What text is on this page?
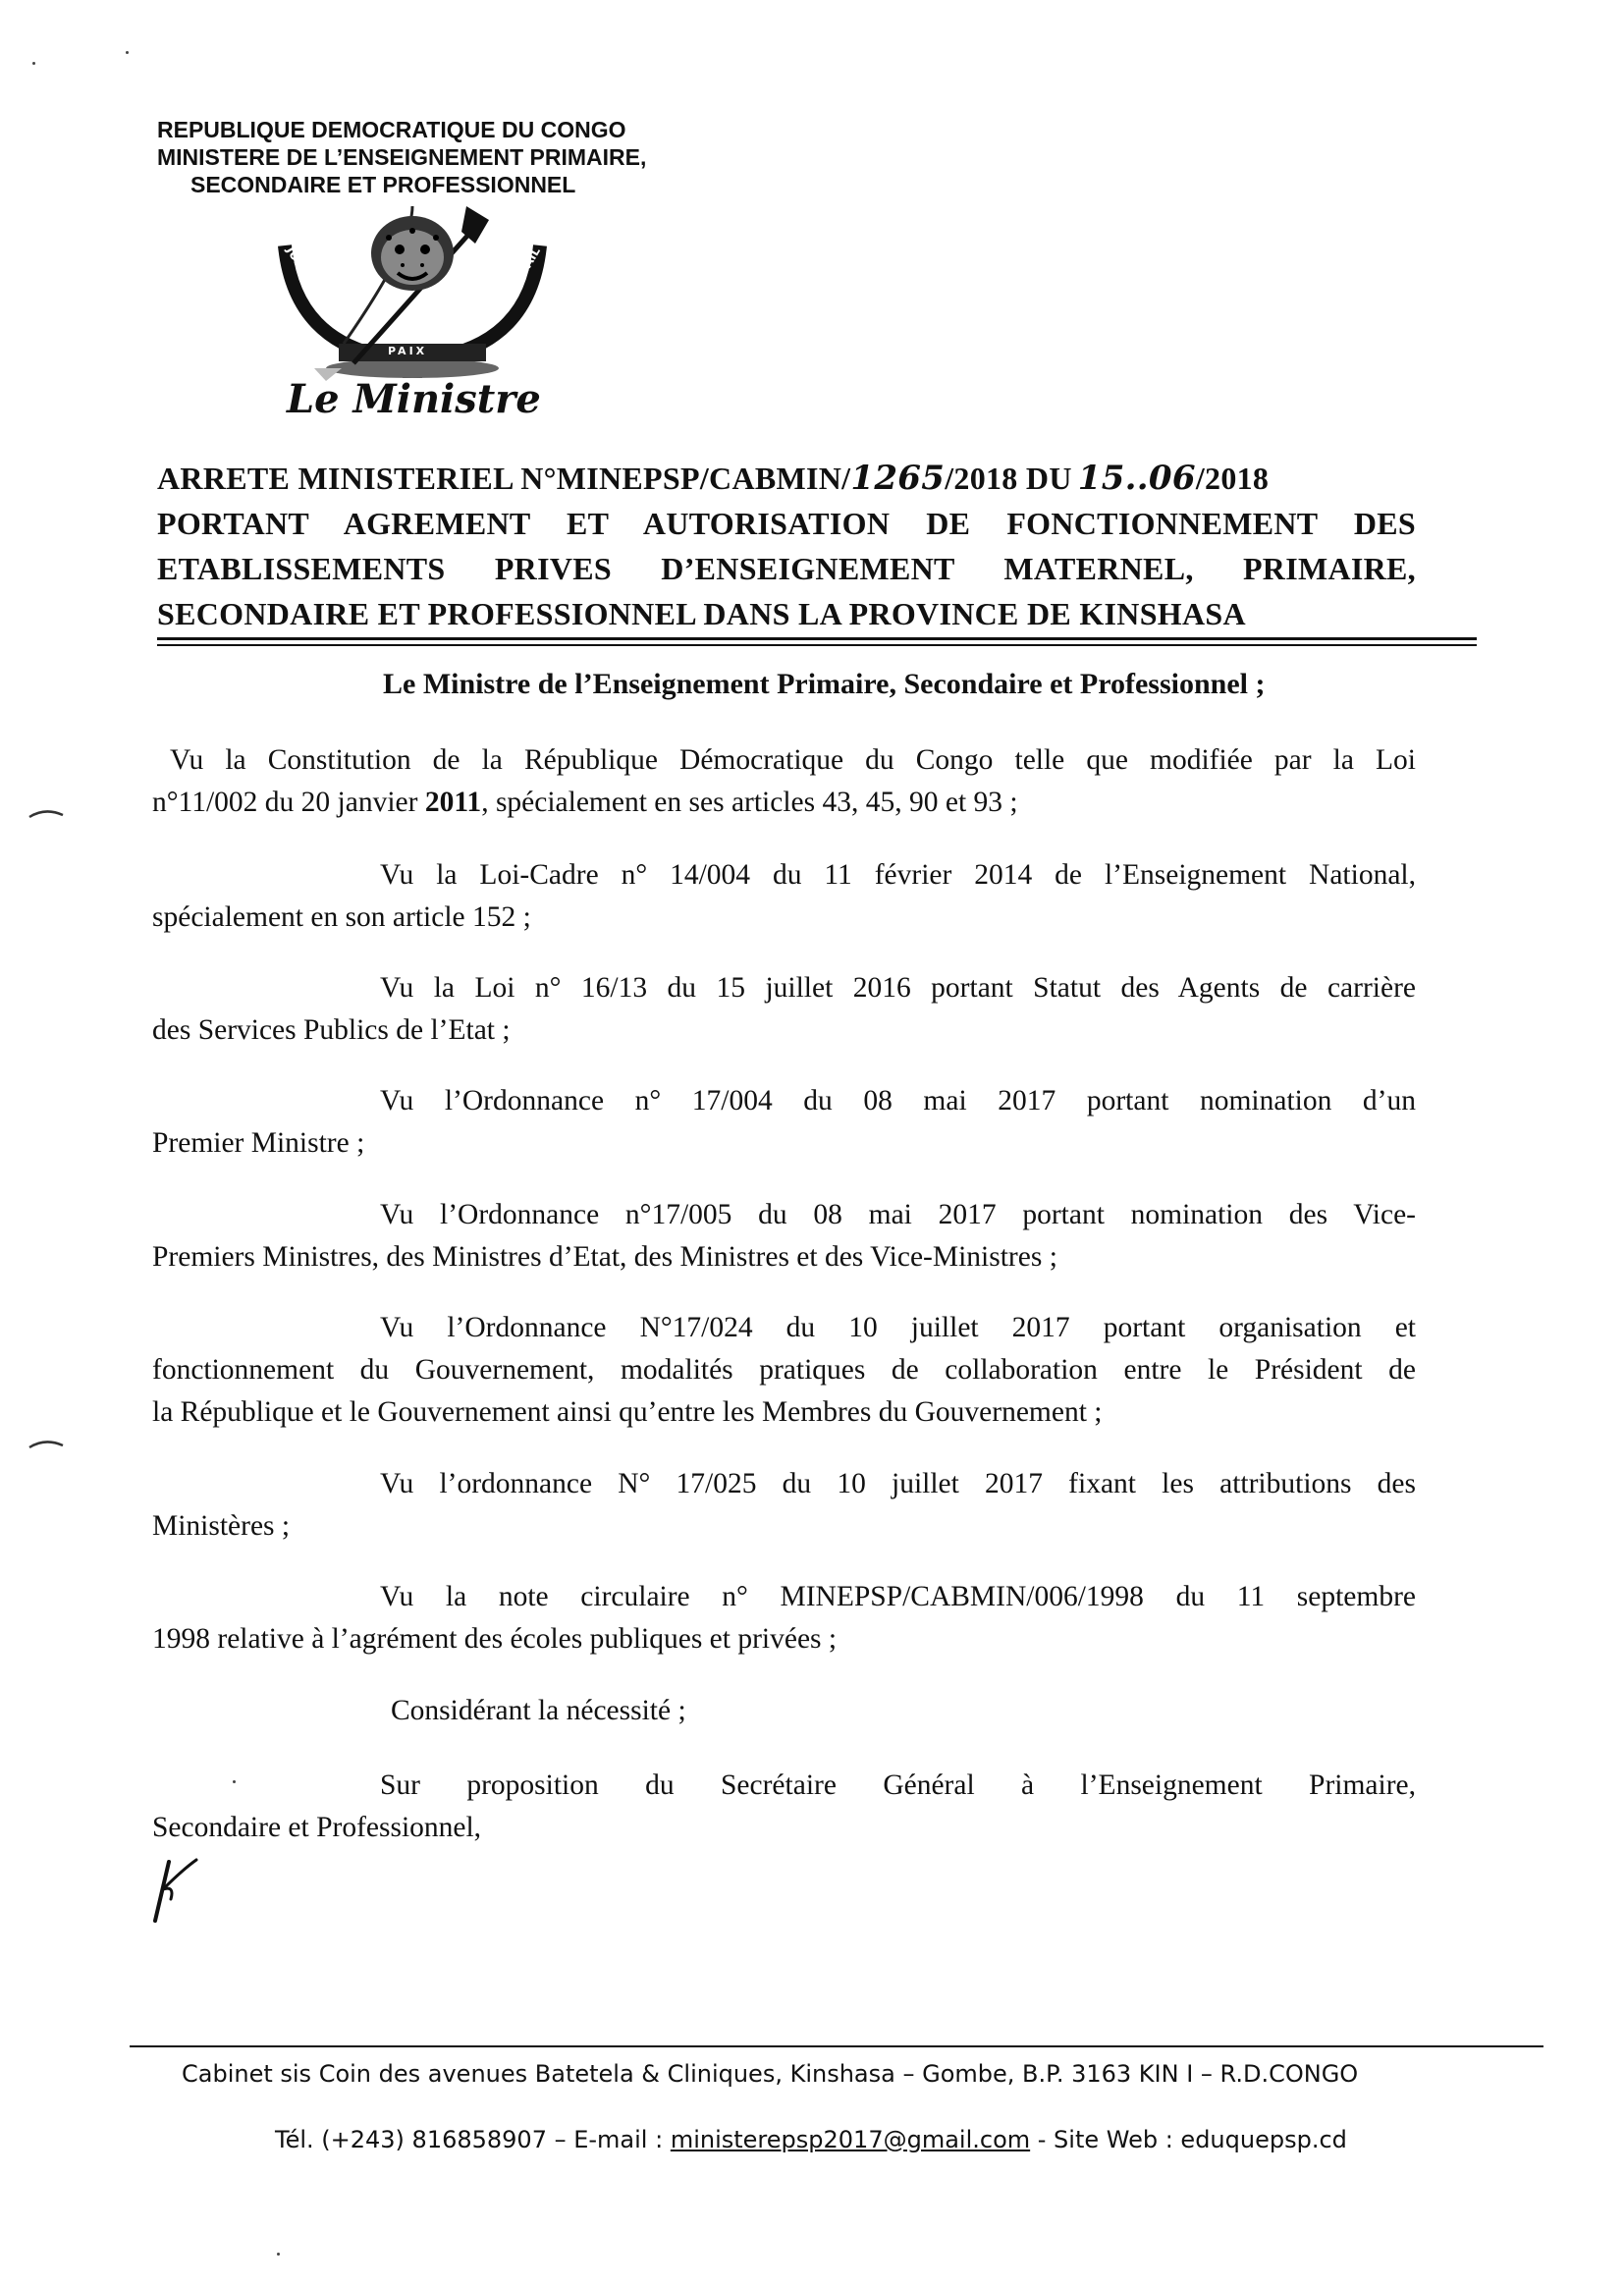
REPUBLIQUE DEMOCRATIQUE DU CONGO
MINISTERE DE L’ENSEIGNEMENT PRIMAIRE,
SECONDAIRE ET PROFESSIONNEL
JUSTICE
PAIX
TRAVAIL
Le Ministre
ARRETE MINISTERIEL N°MINEPSP/CABMIN/1265/2018 DU 15..06/2018
PORTANT AGREMENT ET AUTORISATION DE FONCTIONNEMENT DES
ETABLISSEMENTS PRIVES D’ENSEIGNEMENT MATERNEL, PRIMAIRE,
SECONDAIRE ET PROFESSIONNEL DANS LA PROVINCE DE KINSHASA
Le Ministre de l’Enseignement Primaire, Secondaire et Professionnel ;
Vu la Constitution de la République Démocratique du Congo telle que modifiée par la Loi
n°11/002 du 20 janvier 2011, spécialement en ses articles 43, 45, 90 et 93 ;
Vu la Loi-Cadre n° 14/004 du 11 février 2014 de l’Enseignement National,
spécialement en son article 152 ;
Vu la Loi n° 16/13 du 15 juillet 2016 portant Statut des Agents de carrière
des Services Publics de l’Etat ;
Vu l’Ordonnance n° 17/004 du 08 mai 2017 portant nomination d’un
Premier Ministre ;
Vu l’Ordonnance n°17/005 du 08 mai 2017 portant nomination des Vice-
Premiers Ministres, des Ministres d’Etat, des Ministres et des Vice-Ministres ;
Vu l’Ordonnance N°17/024 du 10 juillet 2017 portant organisation et
fonctionnement du Gouvernement, modalités pratiques de collaboration entre le Président de
la République et le Gouvernement ainsi qu’entre les Membres du Gouvernement ;
Vu l’ordonnance N° 17/025 du 10 juillet 2017 fixant les attributions des
Ministères ;
Vu la note circulaire n° MINEPSP/CABMIN/006/1998 du 11 septembre
1998 relative à l’agrément des écoles publiques et privées ;
Considérant la nécessité ;
Sur proposition du Secrétaire Général à l’Enseignement Primaire,
Secondaire et Professionnel,
Cabinet sis Coin des avenues Batetela & Cliniques, Kinshasa – Gombe, B.P. 3163 KIN I – R.D.CONGO
Tél. (+243) 816858907 – E-mail : ministerepsp2017@gmail.com - Site Web : eduquepsp.cd
